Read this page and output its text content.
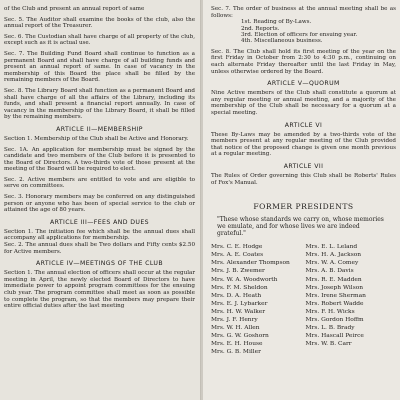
of the Club and present an annual report of same

Sec. 5. The Auditor shall examine the books of the club, also the annual report of the Treasurer.

Sec. 6. The Custodian shall have charge of all property of the club, except such as it is actual use.

Sec. 7. The Building Fund Board shall continue to function as a permanent Board and shall have charge of all building funds and present an annual report of same. In case of vacancy in the membership of this Board the place shall be filled by the remaining members of the Board.

Sec. 8. The Library Board shall function as a permanent Board and shall have charge of all the affairs of the Library, including its funds, and shall present a financial report annually. In case of vacancy in the membership of the Library Board, it shall be filled by the remaining members.

ARTICLE II—MEMBERSHIP

Section 1. Membership of the Club shall be Active and Honorary.

Sec. 1A. An application for membership must be signed by the candidate and two members of the Club before it is presented to the Board of Directors. A two-thirds vote of those present at the meeting of the Board will be required to elect.

Sec. 2. Active members are entitled to vote and are eligible to serve on committees.

Sec. 3. Honorary members may be conferred on any distinguished person or anyone who has been of special service to the club or attained the age of 80 years.

ARTICLE III—FEES AND DUES

Section 1. The initiation fee which shall be the annual dues shall accompany all applications for membership.

Sec. 2. The annual dues shall be Two dollars and Fifty cents $2.50 for Active members.

ARTICLE IV—MEETINGS OF THE CLUB

Section 1. The annual election of officers shall occur at the regular meeting in April, the newly elected Board of Directors to have immediate power to appoint program committees for the ensuing club year. The program committee shall meet as soon as possible to complete the program, so that the members may prepare their entire official duties after the last meeting

Sec. 7. The order of business at the annual meeting shall be as follows:

1st. Reading of By-Laws.
2nd. Reports.
3rd. Election of officers for ensuing year.
4th. Miscellaneous business.

Sec. 8. The Club shall hold its first meeting of the year on the first Friday in October from 2:30 to 4:30 p.m., continuing on each alternate Friday thereafter until the last Friday in May, unless otherwise ordered by the Board.

ARTICLE V—QUORUM

Nine Active members of the Club shall constitute a quorum at any regular meeting or annual meeting, and a majority of the membership of the Club shall be necessary for a quorum at a special meeting.

ARTICLE VI

These By-Laws may be amended by a two-thirds vote of the members present at any regular meeting of the Club provided that notice of the proposed change is given one month previous at a regular meeting.

ARTICLE VII

The Rules of Order governing this Club shall be Roberts' Rules of Fox's Manual.

FORMER PRESIDENTS

"These whose standards we carry on, whose memories we emulate, and for whose lives we are indeed grateful."

Mrs. C. E. Hodge
Mrs. A. E. Coates
Mrs. Alexander Thompson
Mrs. J. B. Zwemer
Mrs. W. A. Woodworth
Mrs. F. M. Sheldon
Mrs. D. A. Heath
Mrs. E. J. Lybarker
Mrs. H. W. Walker
Mrs. J. F. Henry
Mrs. W. H. Allen
Mrs. G. W. Goshorn
Mrs. E. H. House
Mrs. G. B. Miller
Mrs. E. L. Leland
Mrs. H. A. Jackson
Mrs. W. A. Comey
Mrs. A. B. Davis
Mrs. R. E. Madden
Mrs. Joseph Wilson
Mrs. Irene Sherman
Mrs. Robert Wadde
Mrs. F. H. Wicks
Mrs. Gordon Hoffm
Mrs. L. B. Brady
Mrs. Hascall Peirce
Mrs. W. B. Carr
